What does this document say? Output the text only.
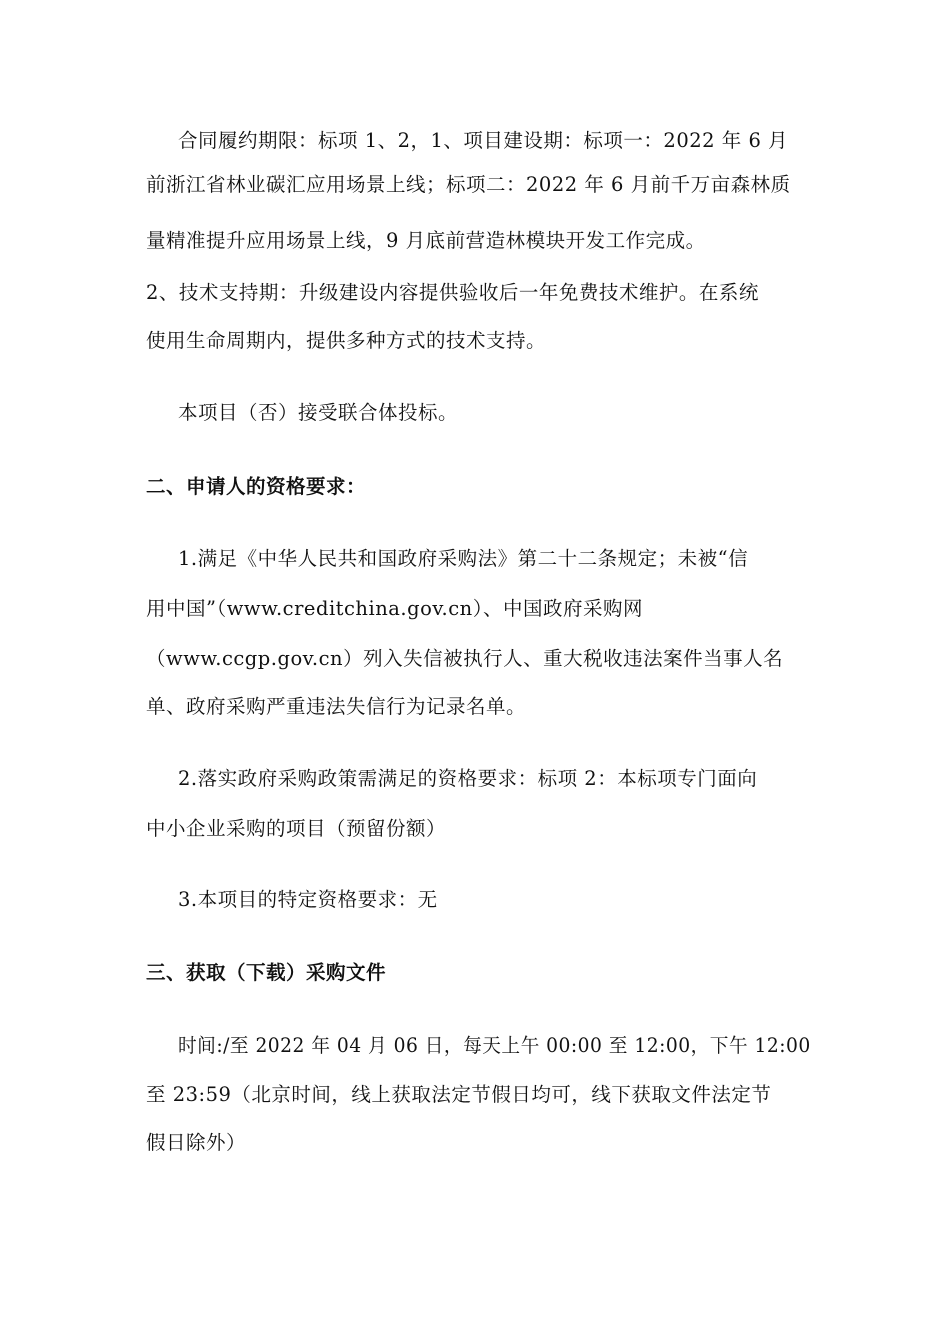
合同履约期限：标项 1、2，1、项目建设期：标项一：2022 年 6 月
前浙江省林业碳汇应用场景上线；标项二：2022 年 6 月前千万亩森林质
量精准提升应用场景上线，9 月底前营造林模块开发工作完成。
2、技术支持期：升级建设内容提供验收后一年免费技术维护。在系统
使用生命周期内，提供多种方式的技术支持。
本项目（否）接受联合体投标。
二、申请人的资格要求：
1.满足《中华人民共和国政府采购法》第二十二条规定；未被“信
用中国”（www.creditchina.gov.cn）、中国政府采购网
（www.ccgp.gov.cn）列入失信被执行人、重大税收违法案件当事人名
单、政府采购严重违法失信行为记录名单。
2.落实政府采购政策需满足的资格要求：标项 2：本标项专门面向
中小企业采购的项目（预留份额）
3.本项目的特定资格要求：无
三、获取（下载）采购文件
时间:/至 2022 年 04 月 06 日，每天上午 00:00 至 12:00，下午 12:00
至 23:59（北京时间，线上获取法定节假日均可，线下获取文件法定节
假日除外）
